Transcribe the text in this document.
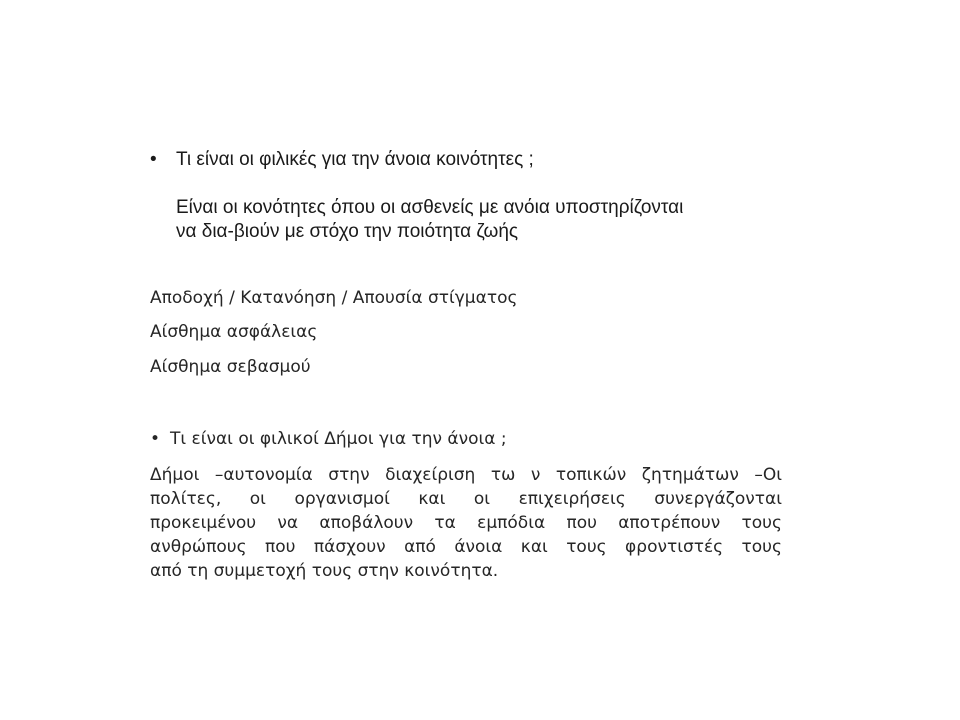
•	Τι είναι οι φιλικές για την άνοια κοινότητες ;
Είναι οι κονότητες όπου οι ασθενείς με ανόια υποστηρίζονται
να δια-βιούν με στόχο την ποιότητα ζωής
Αποδοχή / Κατανόηση / Απουσία στίγματος
Αίσθημα ασφάλειας
Αίσθημα σεβασμού
• Τι είναι οι φιλικοί Δήμοι για την άνοια ;
Δήμοι –αυτονομία στην διαχείριση τω ν τοπικών ζητημάτων –Οι
πολίτες, οι οργανισμοί και οι επιχειρήσεις συνεργάζονται
προκειμένου να αποβάλουν τα εμπόδια που αποτρέπουν τους
ανθρώπους που πάσχουν από άνοια και τους φροντιστές τους
από τη συμμετοχή τους στην κοινότητα.
